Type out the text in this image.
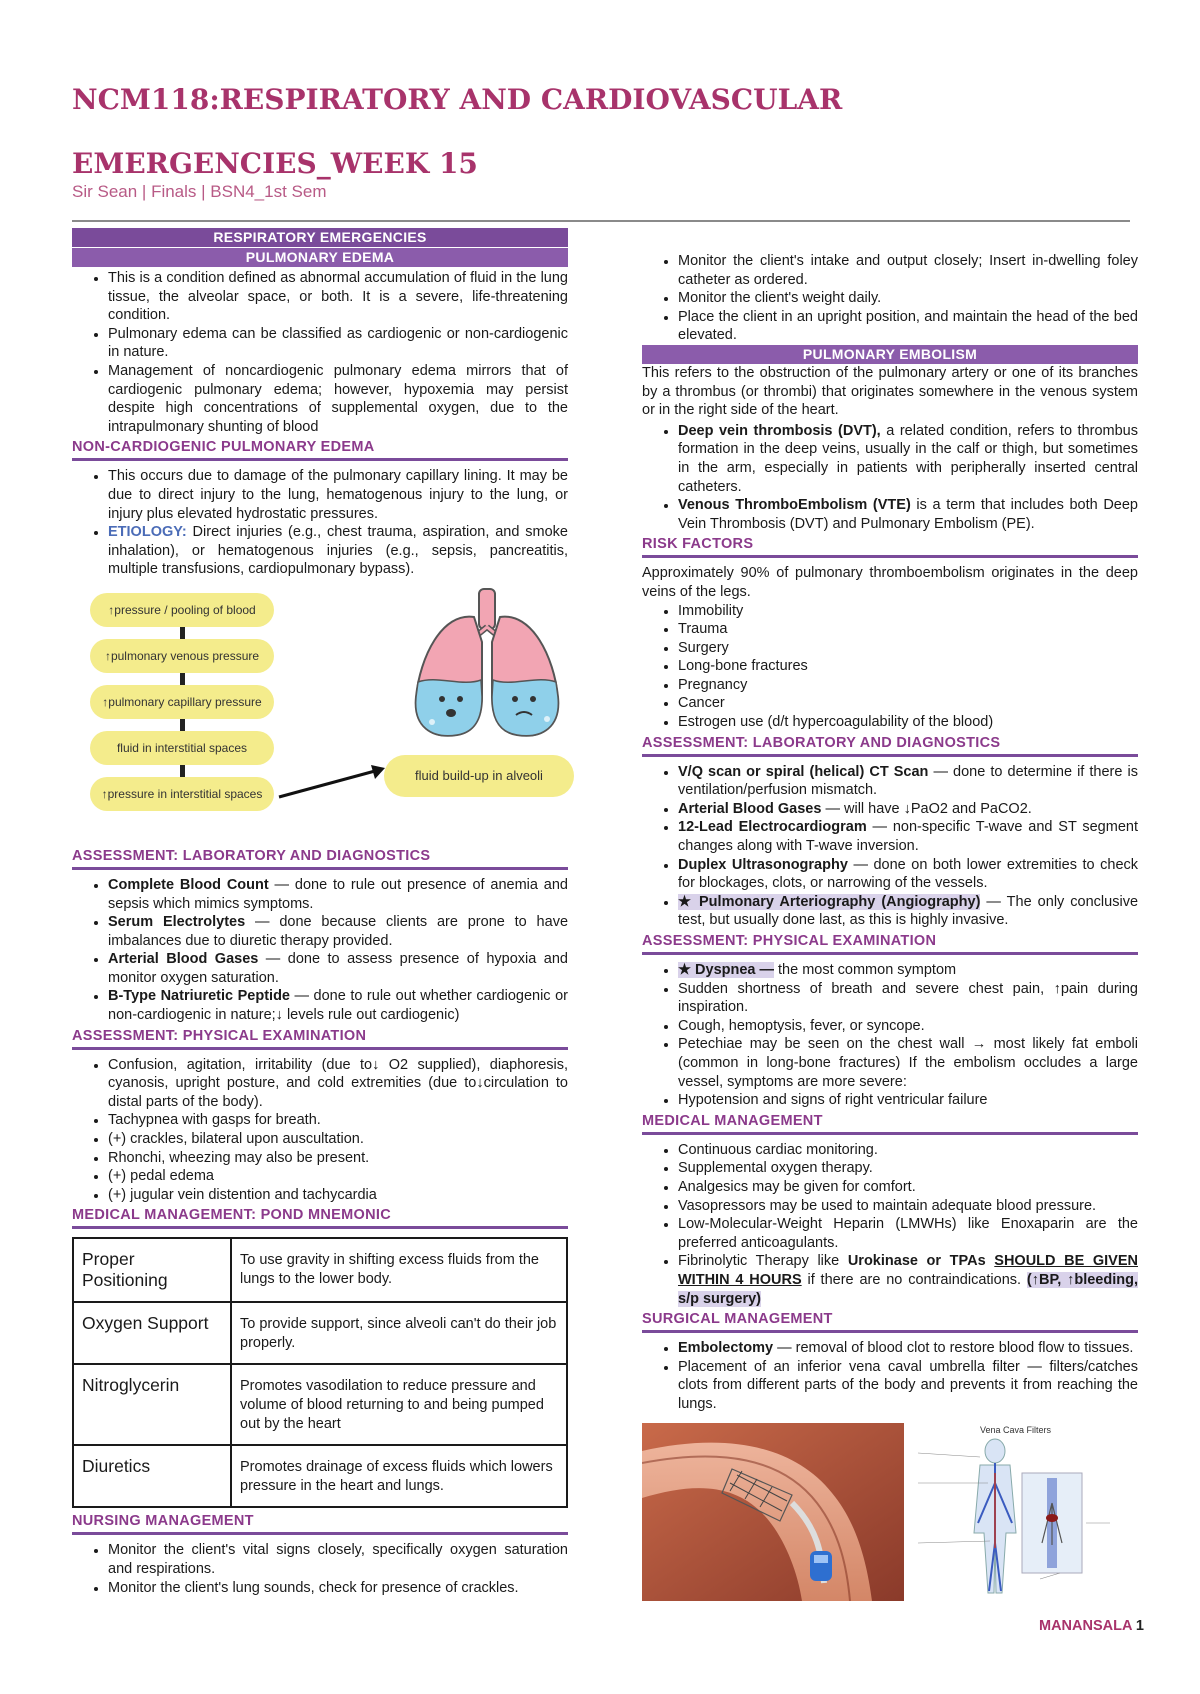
NCM118:RESPIRATORY AND CARDIOVASCULAR EMERGENCIES_WEEK 15
Sir Sean | Finals | BSN4_1st Sem
RESPIRATORY EMERGENCIES
PULMONARY EDEMA
• This is a condition defined as abnormal accumulation of fluid in the lung tissue, the alveolar space, or both. It is a severe, life-threatening condition.
• Pulmonary edema can be classified as cardiogenic or non-cardiogenic in nature.
• Management of noncardiogenic pulmonary edema mirrors that of cardiogenic pulmonary edema; however, hypoxemia may persist despite high concentrations of supplemental oxygen, due to the intrapulmonary shunting of blood
NON-CARDIOGENIC PULMONARY EDEMA
• This occurs due to damage of the pulmonary capillary lining. It may be due to direct injury to the lung, hematogenous injury to the lung, or injury plus elevated hydrostatic pressures.
• ETIOLOGY: Direct injuries (e.g., chest trauma, aspiration, and smoke inhalation), or hematogenous injuries (e.g., sepsis, pancreatitis, multiple transfusions, cardiopulmonary bypass).
↑pressure / pooling of blood
↑pulmonary venous pressure
↑pulmonary capillary pressure
fluid in interstitial spaces
↑pressure in interstitial spaces
fluid build-up in alveoli
ASSESSMENT: LABORATORY AND DIAGNOSTICS
• Complete Blood Count — done to rule out presence of anemia and sepsis which mimics symptoms.
• Serum Electrolytes — done because clients are prone to have imbalances due to diuretic therapy provided.
• Arterial Blood Gases — done to assess presence of hypoxia and monitor oxygen saturation.
• B-Type Natriuretic Peptide — done to rule out whether cardiogenic or non-cardiogenic in nature;↓ levels rule out cardiogenic)
ASSESSMENT: PHYSICAL EXAMINATION
• Confusion, agitation, irritability (due to↓ O2 supplied), diaphoresis, cyanosis, upright posture, and cold extremities (due to↓circulation to distal parts of the body).
• Tachypnea with gasps for breath.
• (+) crackles, bilateral upon auscultation.
• Rhonchi, wheezing may also be present.
• (+) pedal edema
• (+) jugular vein distention and tachycardia
MEDICAL MANAGEMENT: POND MNEMONIC
Proper Positioning	To use gravity in shifting excess fluids from the lungs to the lower body.
Oxygen Support	To provide support, since alveoli can't do their job properly.
Nitroglycerin	Promotes vasodilation to reduce pressure and volume of blood returning to and being pumped out by the heart
Diuretics	Promotes drainage of excess fluids which lowers pressure in the heart and lungs.
NURSING MANAGEMENT
• Monitor the client's vital signs closely, specifically oxygen saturation and respirations.
• Monitor the client's lung sounds, check for presence of crackles.
• Monitor the client's intake and output closely; Insert in-dwelling foley catheter as ordered.
• Monitor the client's weight daily.
• Place the client in an upright position, and maintain the head of the bed elevated.
PULMONARY EMBOLISM

This refers to the obstruction of the pulmonary artery or one of its branches by a thrombus (or thrombi) that originates somewhere in the venous system or in the right side of the heart.

• Deep vein thrombosis (DVT), a related condition, refers to thrombus formation in the deep veins, usually in the calf or thigh, but sometimes in the arm, especially in patients with peripherally inserted central catheters.
• Venous ThromboEmbolism (VTE) is a term that includes both Deep Vein Thrombosis (DVT) and Pulmonary Embolism (PE).
RISK FACTORS

Approximately 90% of pulmonary thromboembolism originates in the deep veins of the legs.

• Immobility
• Trauma
• Surgery
• Long-bone fractures
• Pregnancy
• Cancer
• Estrogen use (d/t hypercoagulability of the blood)
ASSESSMENT: LABORATORY AND DIAGNOSTICS
• V/Q scan or spiral (helical) CT Scan — done to determine if there is ventilation/perfusion mismatch.
• Arterial Blood Gases — will have ↓PaO2 and PaCO2.
• 12-Lead Electrocardiogram — non-specific T-wave and ST segment changes along with T-wave inversion.
• Duplex Ultrasonography — done on both lower extremities to check for blockages, clots, or narrowing of the vessels.
• ★ Pulmonary Arteriography (Angiography) — The only conclusive test, but usually done last, as this is highly invasive.
ASSESSMENT: PHYSICAL EXAMINATION
• ★ Dyspnea — the most common symptom
• Sudden shortness of breath and severe chest pain, ↑pain during inspiration.
• Cough, hemoptysis, fever, or syncope.
• Petechiae may be seen on the chest wall → most likely fat emboli (common in long-bone fractures) If the embolism occludes a large vessel, symptoms are more severe:
• Hypotension and signs of right ventricular failure
MEDICAL MANAGEMENT
• Continuous cardiac monitoring.
• Supplemental oxygen therapy.
• Analgesics may be given for comfort.
• Vasopressors may be used to maintain adequate blood pressure.
• Low-Molecular-Weight Heparin (LMWHs) like Enoxaparin are the preferred anticoagulants.
• Fibrinolytic Therapy like Urokinase or TPAs SHOULD BE GIVEN WITHIN 4 HOURS if there are no contraindications. (↑BP, ↑bleeding, s/p surgery)
SURGICAL MANAGEMENT
• Embolectomy — removal of blood clot to restore blood flow to tissues.
• Placement of an inferior vena caval umbrella filter — filters/catches clots from different parts of the body and prevents it from reaching the lungs.
Vena Cava Filters
MANANSALA 1
